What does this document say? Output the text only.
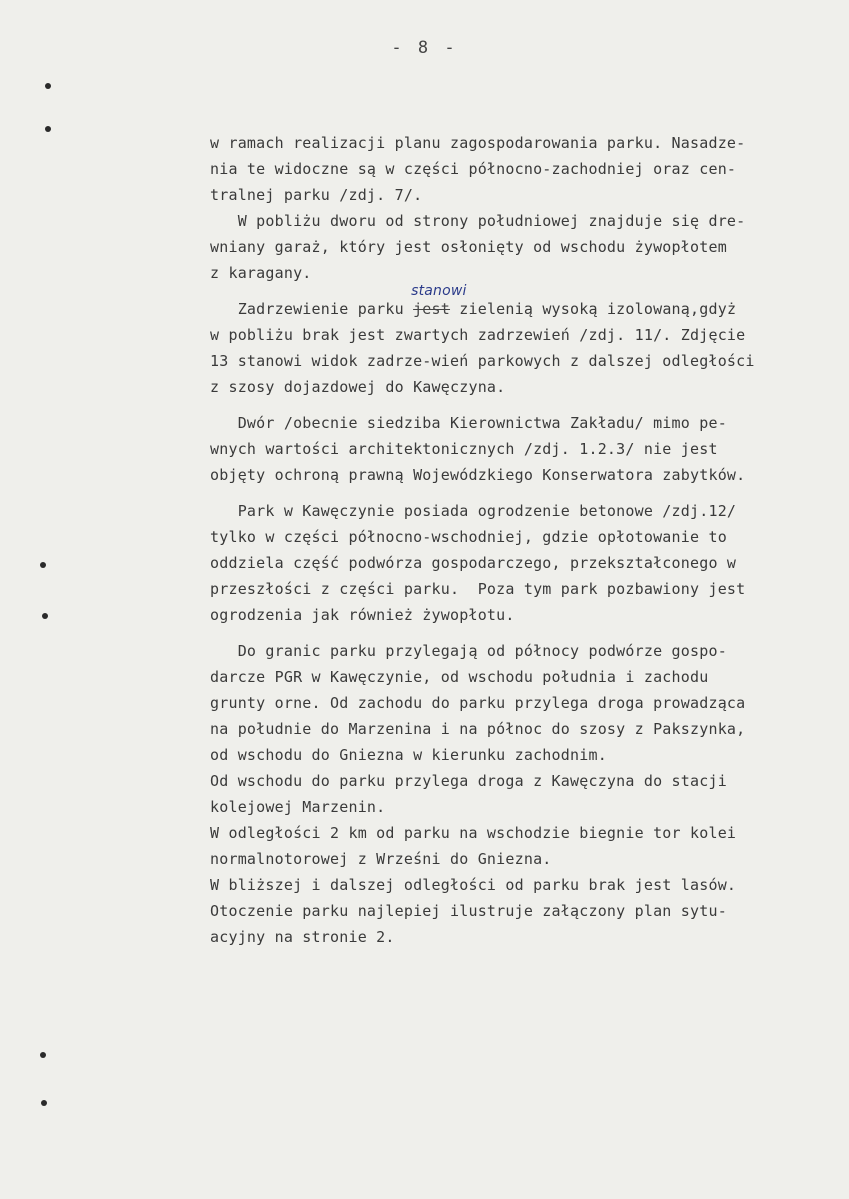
- 8 -
w ramach realizacji planu zagospodarowania parku. Nasadze-
nia te widoczne są w części północno-zachodniej oraz cen-
tralnej parku /zdj. 7/.
W pobliżu dworu od strony południowej znajduje się dre-
wniany garaż, który jest osłonięty od wschodu żywopłotem
z karagany.
Zadrzewienie parku jest
stanowi
zielenią wysoką izolowaną,gdyż
w pobliżu brak jest zwartych zadrzewień /zdj. 11/. Zdjęcie
13 stanowi widok zadrze-wień parkowych z dalszej odległości
z szosy dojazdowej do Kawęczyna.
Dwór /obecnie siedziba Kierownictwa Zakładu/ mimo pe-
wnych wartości architektonicznych /zdj. 1.2.3/ nie jest
objęty ochroną prawną Wojewódzkiego Konserwatora zabytków.
Park w Kawęczynie posiada ogrodzenie betonowe /zdj.12/
tylko w części północno-wschodniej, gdzie opłotowanie to
oddziela część podwórza gospodarczego, przekształconego w
przeszłości z części parku.  Poza tym park pozbawiony jest
ogrodzenia jak również żywopłotu.
Do granic parku przylegają od północy podwórze gospo-
darcze PGR w Kawęczynie, od wschodu południa i zachodu
grunty orne. Od zachodu do parku przylega droga prowadząca
na południe do Marzenina i na północ do szosy z Pakszynka,
od wschodu do Gniezna w kierunku zachodnim.
Od wschodu do parku przylega droga z Kawęczyna do stacji
kolejowej Marzenin.
W odległości 2 km od parku na wschodzie biegnie tor kolei
normalnotorowej z Wrześni do Gniezna.
W bliższej i dalszej odległości od parku brak jest lasów.
Otoczenie parku najlepiej ilustruje załączony plan sytu-
acyjny na stronie 2.
